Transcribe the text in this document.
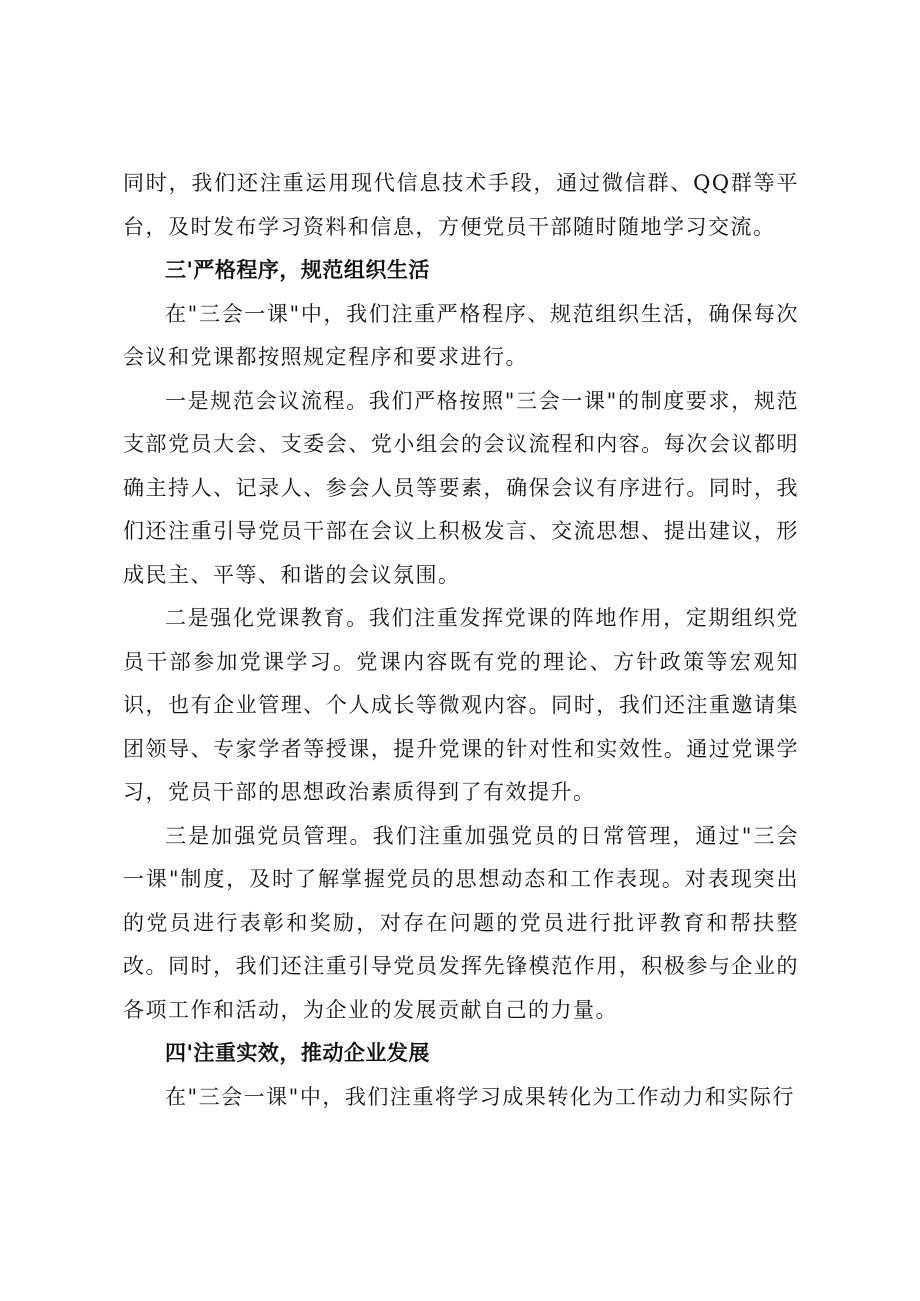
同时，我们还注重运用现代信息技术手段，通过微信群、QQ群等平台，及时发布学习资料和信息，方便党员干部随时随地学习交流。

三'严格程序，规范组织生活

在"三会一课"中，我们注重严格程序、规范组织生活，确保每次会议和党课都按照规定程序和要求进行。

一是规范会议流程。我们严格按照"三会一课"的制度要求，规范支部党员大会、支委会、党小组会的会议流程和内容。每次会议都明确主持人、记录人、参会人员等要素，确保会议有序进行。同时，我们还注重引导党员干部在会议上积极发言、交流思想、提出建议，形成民主、平等、和谐的会议氛围。

二是强化党课教育。我们注重发挥党课的阵地作用，定期组织党员干部参加党课学习。党课内容既有党的理论、方针政策等宏观知识，也有企业管理、个人成长等微观内容。同时，我们还注重邀请集团领导、专家学者等授课，提升党课的针对性和实效性。通过党课学习，党员干部的思想政治素质得到了有效提升。

三是加强党员管理。我们注重加强党员的日常管理，通过"三会一课"制度，及时了解掌握党员的思想动态和工作表现。对表现突出的党员进行表彰和奖励，对存在问题的党员进行批评教育和帮扶整改。同时，我们还注重引导党员发挥先锋模范作用，积极参与企业的各项工作和活动，为企业的发展贡献自己的力量。

四'注重实效，推动企业发展

在"三会一课"中，我们注重将学习成果转化为工作动力和实际行
